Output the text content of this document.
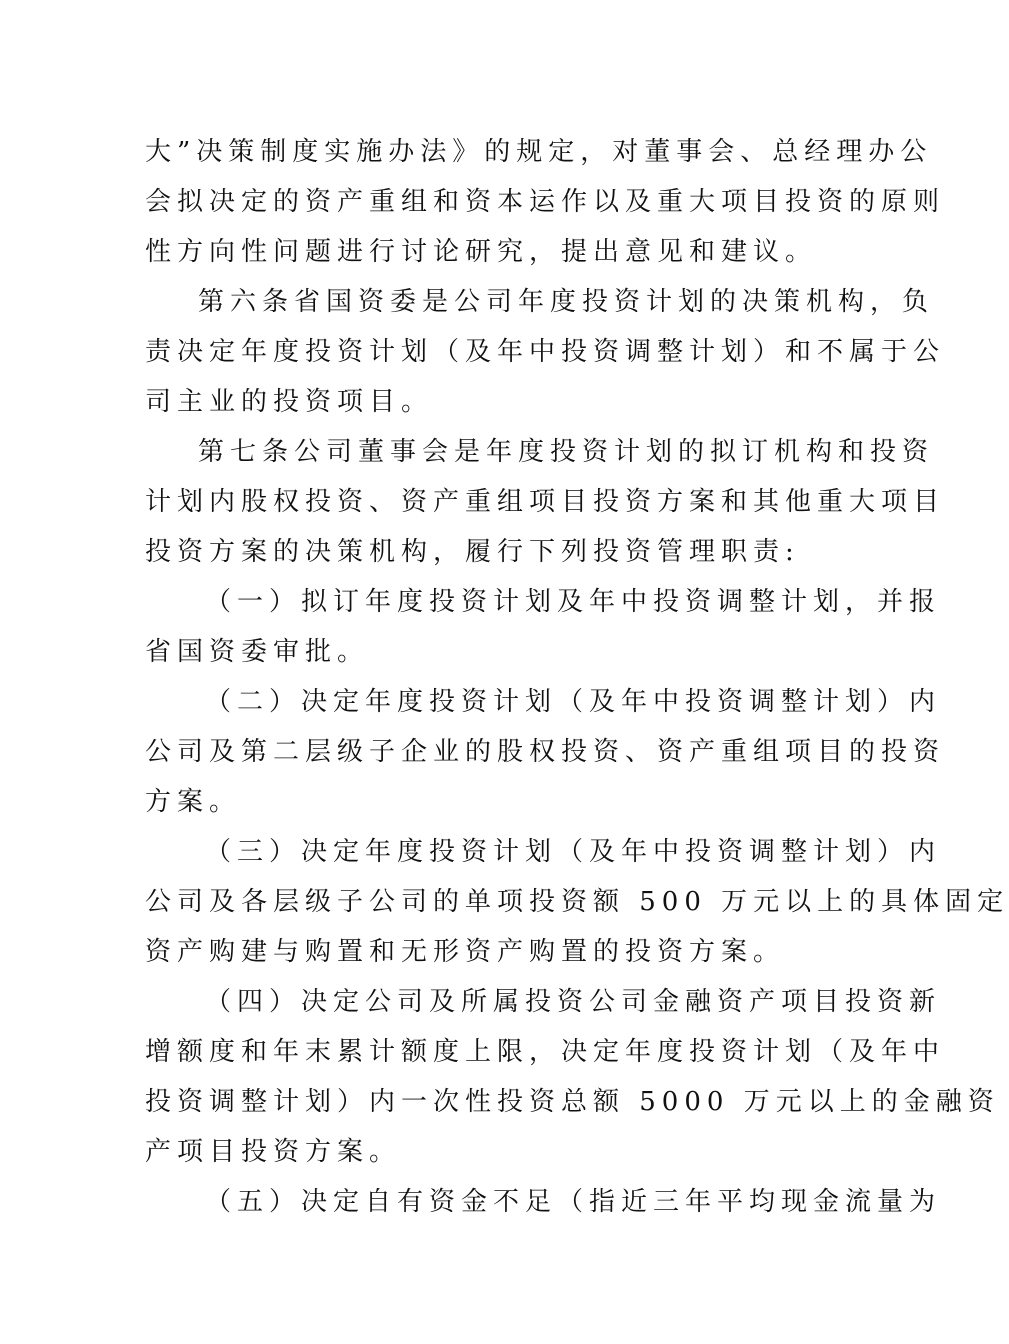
大”决策制度实施办法》的规定，对董事会、总经理办公
会拟决定的资产重组和资本运作以及重大项目投资的原则
性方向性问题进行讨论研究，提出意见和建议。
第六条省国资委是公司年度投资计划的决策机构，负
责决定年度投资计划（及年中投资调整计划）和不属于公
司主业的投资项目。
第七条公司董事会是年度投资计划的拟订机构和投资
计划内股权投资、资产重组项目投资方案和其他重大项目
投资方案的决策机构，履行下列投资管理职责:
（一）拟订年度投资计划及年中投资调整计划，并报
省国资委审批。
（二）决定年度投资计划（及年中投资调整计划）内
公司及第二层级子企业的股权投资、资产重组项目的投资
方案。
（三）决定年度投资计划（及年中投资调整计划）内
公司及各层级子公司的单项投资额 500 万元以上的具体固定
资产购建与购置和无形资产购置的投资方案。
（四）决定公司及所属投资公司金融资产项目投资新
增额度和年末累计额度上限，决定年度投资计划（及年中
投资调整计划）内一次性投资总额 5000 万元以上的金融资
产项目投资方案。
（五）决定自有资金不足（指近三年平均现金流量为
